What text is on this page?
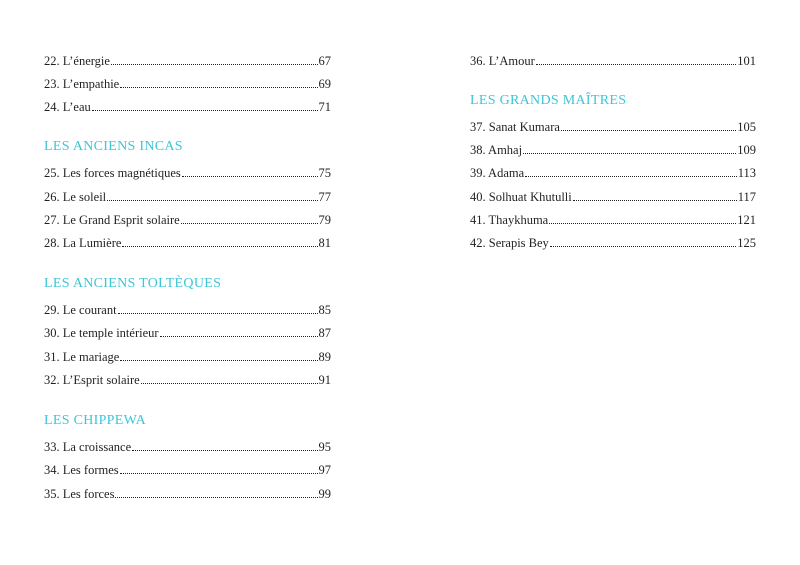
22. L’énergie	67
23. L’empathie	69
24. L’eau	71
LES ANCIENS INCAS
25. Les forces magnétiques	75
26. Le soleil	77
27. Le Grand Esprit solaire	79
28. La Lumière	81
LES ANCIENS TOLTÈQUES
29. Le courant	85
30. Le temple intérieur	87
31. Le mariage	89
32. L’Esprit solaire	91
LES CHIPPEWA
33. La croissance	95
34. Les formes	97
35. Les forces	99
36. L’Amour	101
LES GRANDS MAÎTRES
37. Sanat Kumara	105
38. Amhaj	109
39. Adama	113
40. Solhuat Khutulli	117
41. Thaykhuma	121
42. Serapis Bey	125
